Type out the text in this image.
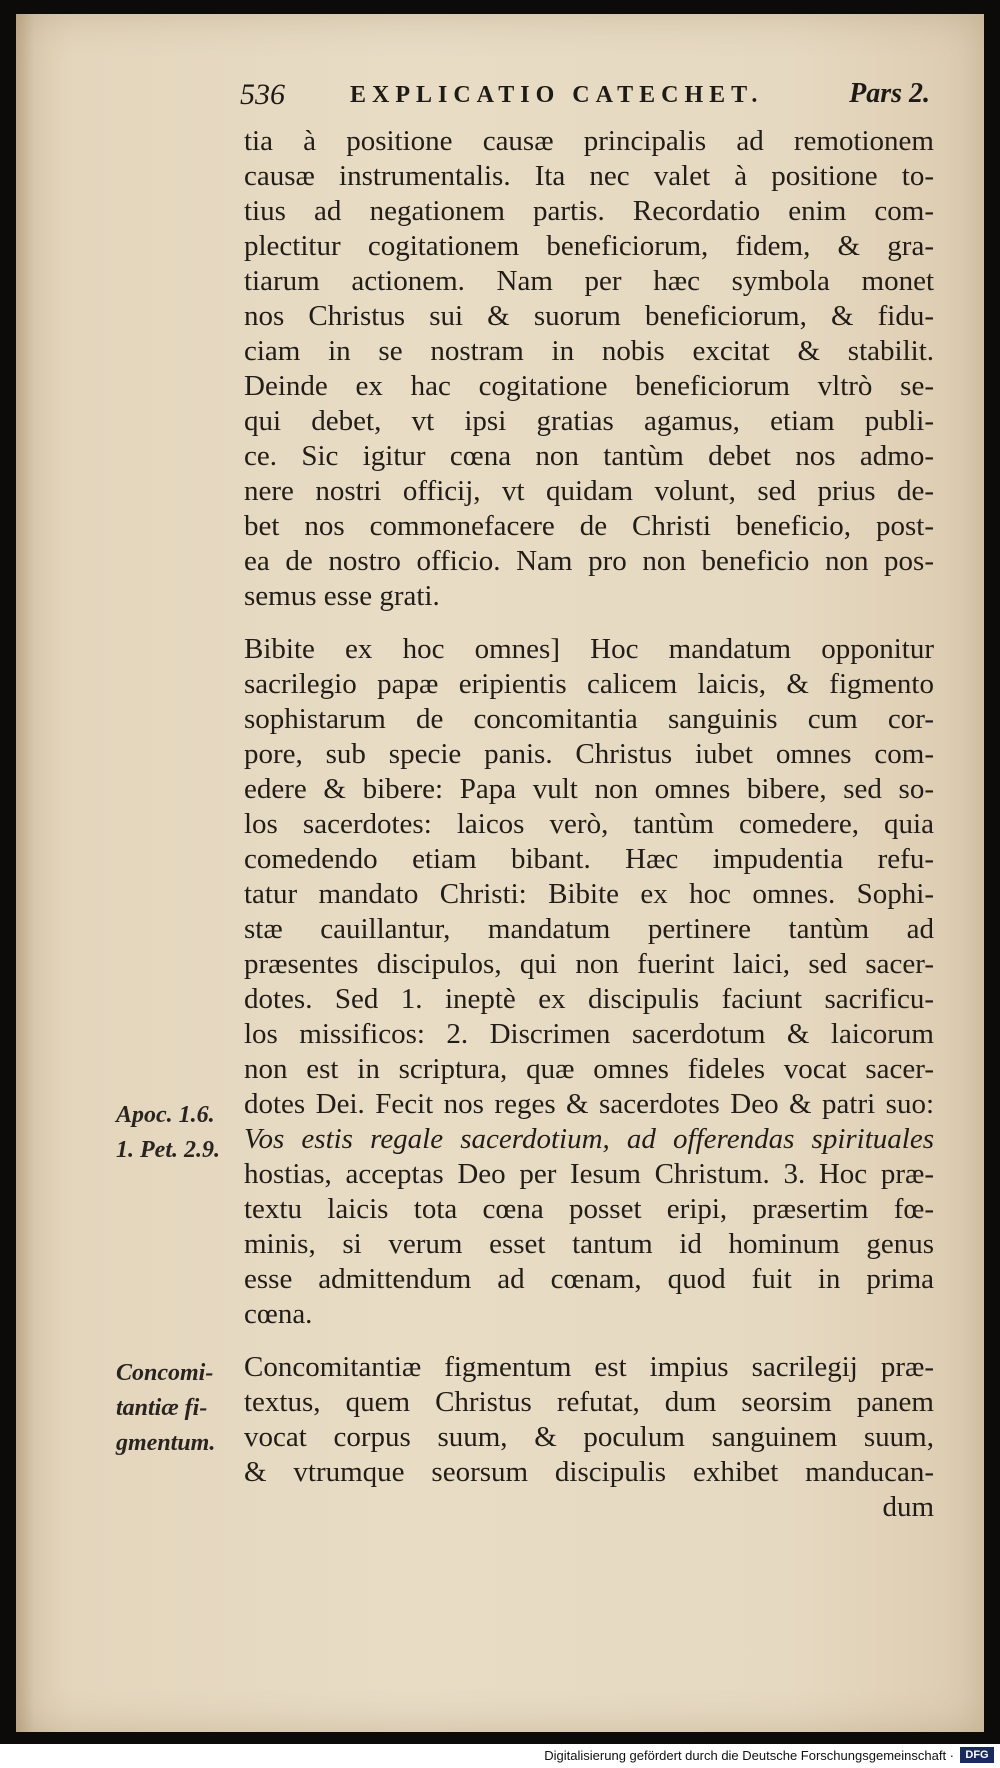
536	EXPLICATIO CATECHET.	Pars 2.
tia à positione causæ principalis ad remotionem
causæ instrumentalis. Ita nec valet à positione to-
tius ad negationem partis. Recordatio enim com-
plectitur cogitationem beneficiorum, fidem, & gra-
tiarum actionem. Nam per hæc symbola monet
nos Christus sui & suorum beneficiorum, & fidu-
ciam in se nostram in nobis excitat & stabilit.
Deinde ex hac cogitatione beneficiorum vltrò se-
qui debet, vt ipsi gratias agamus, etiam publi-
ce. Sic igitur cœna non tantùm debet nos admo-
nere nostri officij, vt quidam volunt, sed prius de-
bet nos commonefacere de Christi beneficio, post-
ea de nostro officio. Nam pro non beneficio non pos-
semus esse grati.
Bibite ex hoc omnes] Hoc mandatum opponitur
sacrilegio papæ eripientis calicem laicis, & figmento
sophistarum de concomitantia sanguinis cum cor-
pore, sub specie panis. Christus iubet omnes com-
edere & bibere: Papa vult non omnes bibere, sed so-
los sacerdotes: laicos verò, tantùm comedere, quia
comedendo etiam bibant. Hæc impudentia refu-
tatur mandato Christi: Bibite ex hoc omnes. Sophi-
stæ cauillantur, mandatum pertinere tantùm ad
præsentes discipulos, qui non fuerint laici, sed sacer-
dotes. Sed 1. ineptè ex discipulis faciunt sacrificu-
los missificos: 2. Discrimen sacerdotum & laicorum
non est in scriptura, quæ omnes fideles vocat sacer-
dotes Dei. Fecit nos reges & sacerdotes Deo & patri suo:
Vos estis regale sacerdotium, ad offerendas spirituales
hostias, acceptas Deo per Iesum Christum. 3. Hoc præ-
textu laicis tota cœna posset eripi, præsertim fœ-
minis, si verum esset tantum id hominum genus
esse admittendum ad cœnam, quod fuit in prima
cœna.
Concomitantiæ figmentum est impius sacrilegij præ-
textus, quem Christus refutat, dum seorsim panem
vocat corpus suum, & poculum sanguinem suum,
& vtrumque seorsum discipulis exhibet manducan-
dum
Apoc. 1.6.
1. Pet. 2.9.
Concomi-
tantiæ fi-
gmentum.
Digitalisierung gefördert durch die Deutsche Forschungsgemeinschaft ·	DFG
